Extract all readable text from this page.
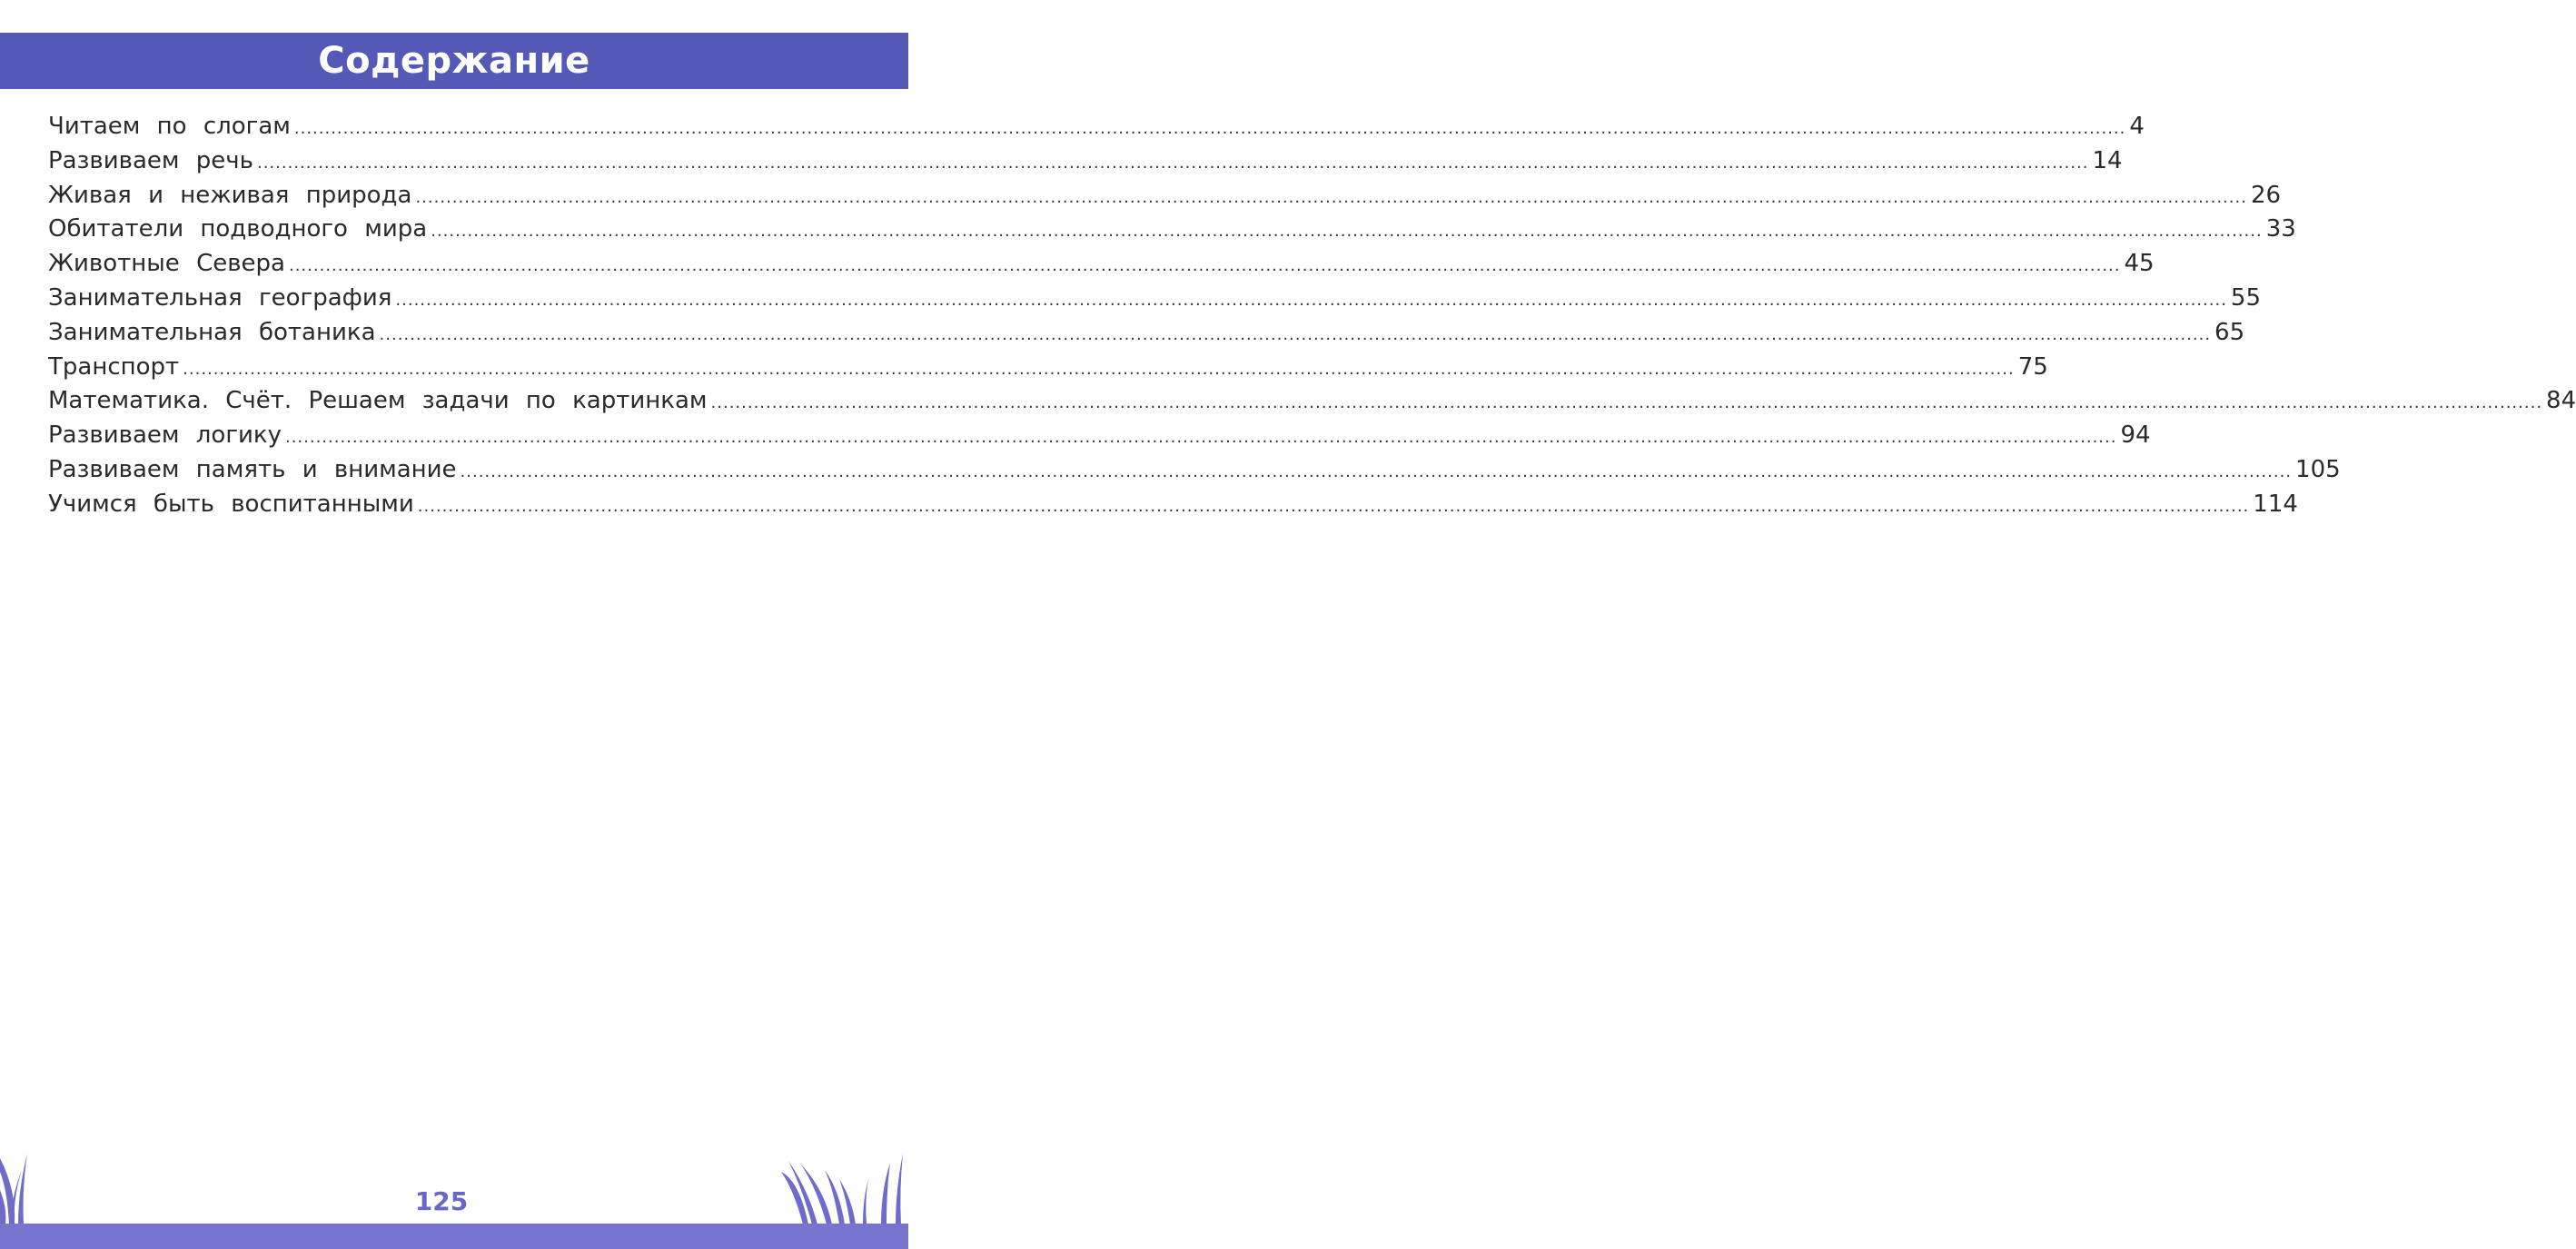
Содержание
Читаем по слогам ............................................................................................................................................................................................................................................................................................................ 4
Развиваем речь ............................................................................................................................................................................................................................................................................................................ 14
Живая и неживая природа ............................................................................................................................................................................................................................................................................................................ 26
Обитатели подводного мира ............................................................................................................................................................................................................................................................................................................ 33
Животные Севера ............................................................................................................................................................................................................................................................................................................ 45
Занимательная география ............................................................................................................................................................................................................................................................................................................ 55
Занимательная ботаника ............................................................................................................................................................................................................................................................................................................ 65
Транспорт ............................................................................................................................................................................................................................................................................................................ 75
Математика. Счёт. Решаем задачи по картинкам ............................................................................................................................................................................................................................................................................................................ 84
Развиваем логику ............................................................................................................................................................................................................................................................................................................ 94
Развиваем память и внимание ............................................................................................................................................................................................................................................................................................................ 105
Учимся быть воспитанными ............................................................................................................................................................................................................................................................................................................ 114
125
